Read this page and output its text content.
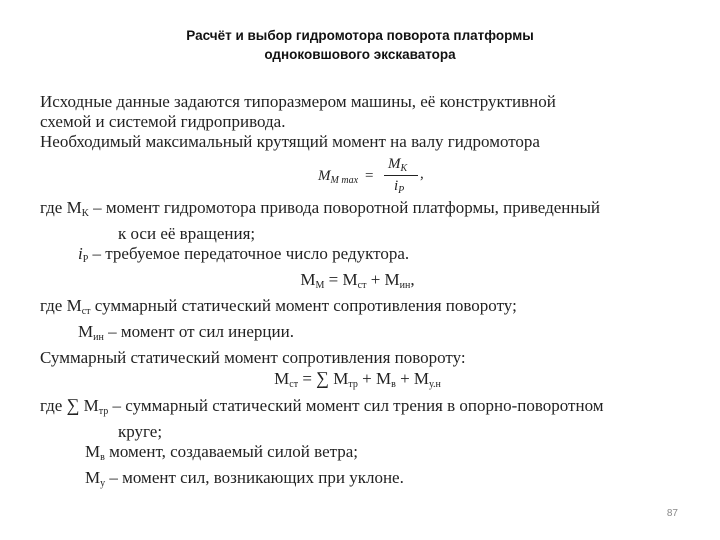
Расчёт и выбор гидромотора поворота платформы
одноковшового экскаватора
Исходные данные задаются типоразмером машины, её конструктивной
схемой и системой гидропривода.
Необходимый максимальный крутящий момент на валу гидромотора
$M_{M тах}$ =
$M_K$
$i_P$
,
где $M_K$ – момент гидромотора привода поворотной платформы, приведенный
к оси её вращения;
$i_P$ – требуемое передаточное число редуктора.
$M_M = M_{ст} + M_{ин}$,
где $M_{ст}$ суммарный статический момент сопротивления повороту;
$M_{ин}$ – момент от сил инерции.
Суммарный статический момент сопротивления повороту:
$M_{ст}$ = ∑ $M_{тр} + M_в + M_{у.н}$
где ∑ $M_{тр}$ – суммарный статический момент сил трения в опорно-поворотном
круге;
$M_в$ момент, создаваемый силой ветра;
$M_у$ – момент сил, возникающих при уклоне.
87
